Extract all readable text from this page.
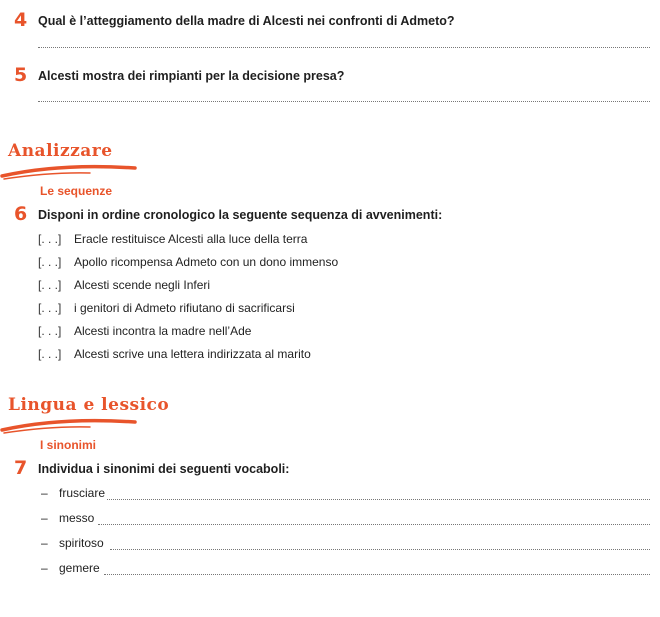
4 Qual è l’atteggiamento della madre di Alcesti nei confronti di Admeto?
5 Alcesti mostra dei rimpianti per la decisione presa?
Analizzare
Le sequenze
6 Disponi in ordine cronologico la seguente sequenza di avvenimenti:
[. . .] Eracle restituisce Alcesti alla luce della terra
[. . .] Apollo ricompensa Admeto con un dono immenso
[. . .] Alcesti scende negli Inferi
[. . .] i genitori di Admeto rifiutano di sacrificarsi
[. . .] Alcesti incontra la madre nell’Ade
[. . .] Alcesti scrive una lettera indirizzata al marito
Lingua e lessico
I sinonimi
7 Individua i sinonimi dei seguenti vocaboli:
– frusciare
– messo
– spiritoso
– gemere
